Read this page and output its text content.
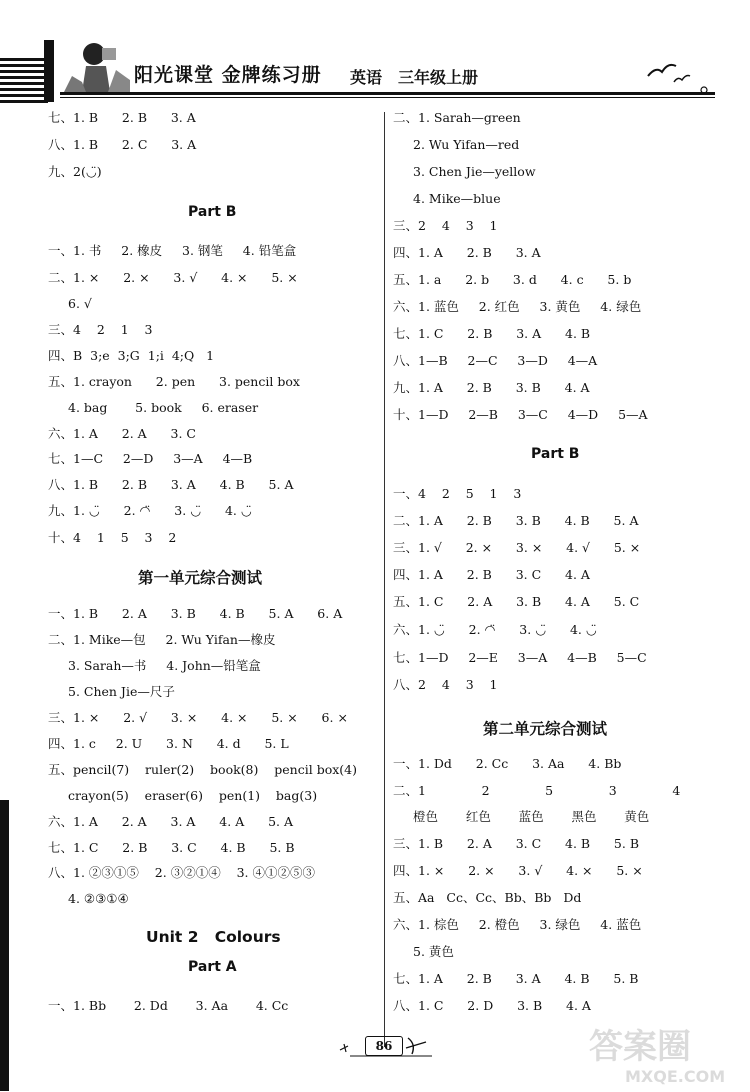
阳光课堂 金牌练习册 英语 三年级上册
七、1. B      2. B      3. A
八、1. B      2. C      3. A
九、2(◡̈)
Part B
一、1. 书     2. 橡皮     3. 钢笔     4. 铅笔盒
二、1. ×      2. ×      3. √      4. ×      5. ×
6. √
三、4    2    1    3
四、B  3;e  3;G  1;i  4;Q   1
五、1. crayon      2. pen      3. pencil box
4. bag       5. book     6. eraser
六、1. A      2. A      3. C
七、1—C     2—D     3—A     4—B
八、1. B      2. B      3. A      4. B      5. A
九、1. ◡̈      2. ◠̈      3. ◡̈      4. ◡̈
十、4    1    5    3    2
第一单元综合测试
一、1. B      2. A      3. B      4. B      5. A      6. A
二、1. Mike—包     2. Wu Yifan—橡皮
3. Sarah—书     4. John—铅笔盒
5. Chen Jie—尺子
三、1. ×      2. √      3. ×      4. ×      5. ×      6. ×
四、1. c     2. U      3. N      4. d      5. L
五、pencil(7)    ruler(2)    book(8)    pencil box(4)
crayon(5)    eraser(6)    pen(1)    bag(3)
六、1. A      2. A      3. A      4. A      5. A
七、1. C      2. B      3. C      4. B      5. B
八、1. ②③①⑤    2. ③②①④    3. ④①②⑤③
4. ②③①④
Unit 2   Colours
Part A
一、1. Bb       2. Dd       3. Aa       4. Cc
二、1. Sarah—green
2. Wu Yifan—red
3. Chen Jie—yellow
4. Mike—blue
三、2    4    3    1
四、1. A      2. B      3. A
五、1. a      2. b      3. d      4. c      5. b
六、1. 蓝色     2. 红色     3. 黄色     4. 绿色
七、1. C      2. B      3. A      4. B
八、1—B     2—C     3—D     4—A
九、1. A      2. B      3. B      4. A
十、1—D     2—B     3—C     4—D     5—A
Part B
一、4    2    5    1    3
二、1. A      2. B      3. B      4. B      5. A
三、1. √      2. ×      3. ×      4. √      5. ×
四、1. A      2. B      3. C      4. A
五、1. C      2. A      3. B      4. A      5. C
六、1. ◡̈      2. ◠̈      3. ◡̈      4. ◡̈
七、1—D     2—E     3—A     4—B     5—C
八、2    4    3    1
第二单元综合测试
一、1. Dd      2. Cc      3. Aa      4. Bb
二、1              2              5              3              4
橙色       红色       蓝色       黑色       黄色
三、1. B      2. A      3. C      4. B      5. B
四、1. ×      2. ×      3. √      4. ×      5. ×
五、Aa   Cc、Cc、Bb、Bb   Dd
六、1. 棕色     2. 橙色     3. 绿色     4. 蓝色
5. 黄色
七、1. A      2. B      3. A      4. B      5. B
八、1. C      2. D      3. B      4. A
86	答案圈
MXQE.COM
